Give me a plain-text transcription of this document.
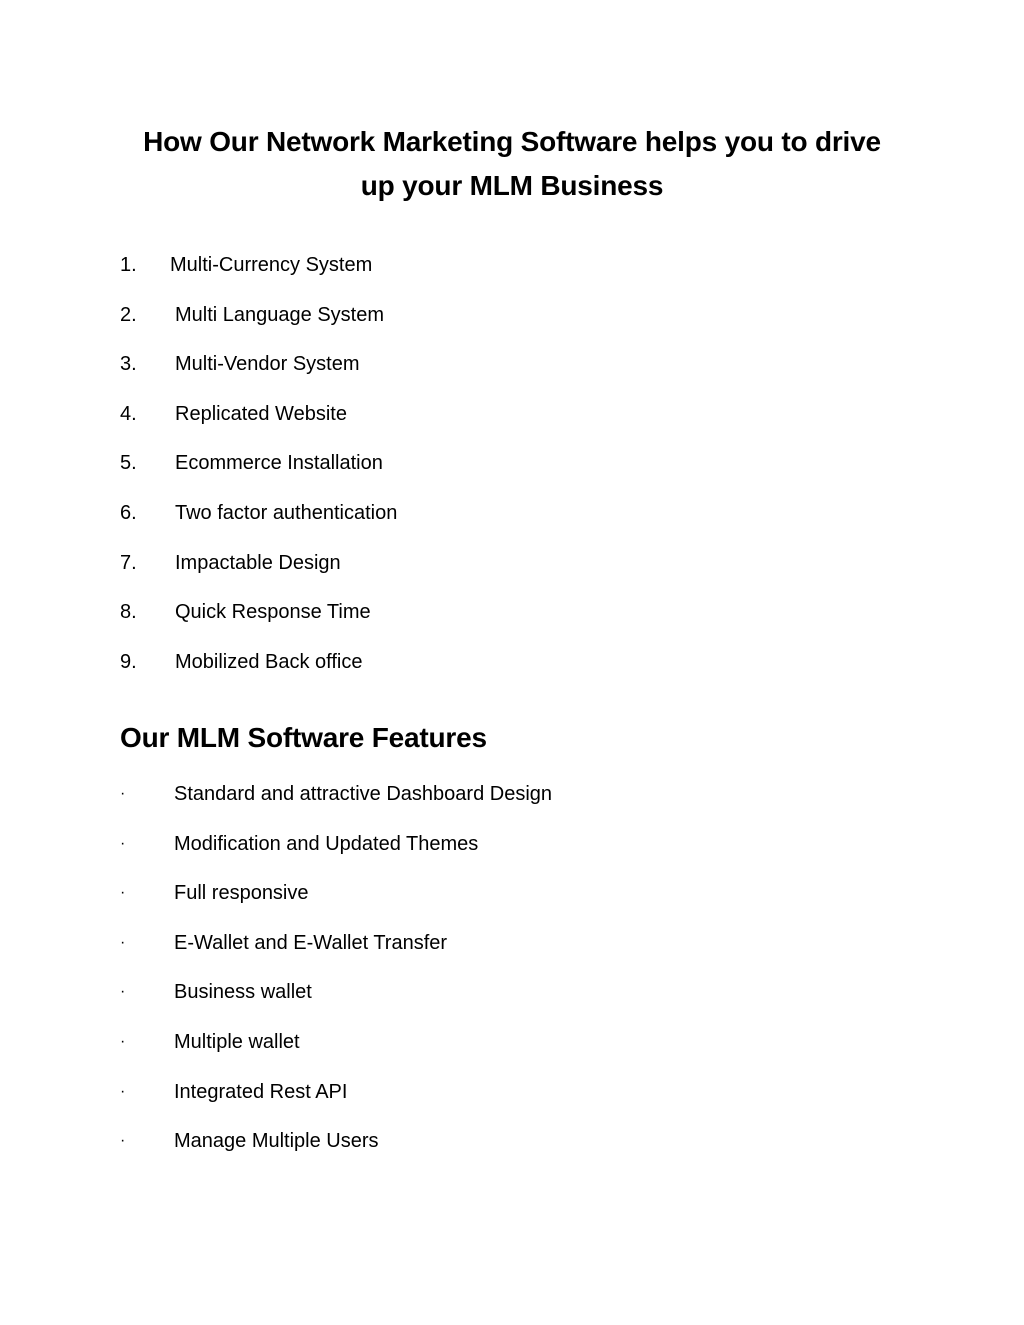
How Our Network Marketing Software helps you to drive
up your MLM Business
1.	Multi-Currency System
2.	Multi Language System
3.	Multi-Vendor System
4.	Replicated Website
5.	Ecommerce Installation
6.	Two factor authentication
7.	Impactable Design
8.	Quick Response Time
9.	Mobilized Back office
Our MLM Software Features
·	Standard and attractive Dashboard Design
·	Modification and Updated Themes
·	Full responsive
·	E-Wallet and E-Wallet Transfer
·	Business wallet
·	Multiple wallet
·	Integrated Rest API
·	Manage Multiple Users
